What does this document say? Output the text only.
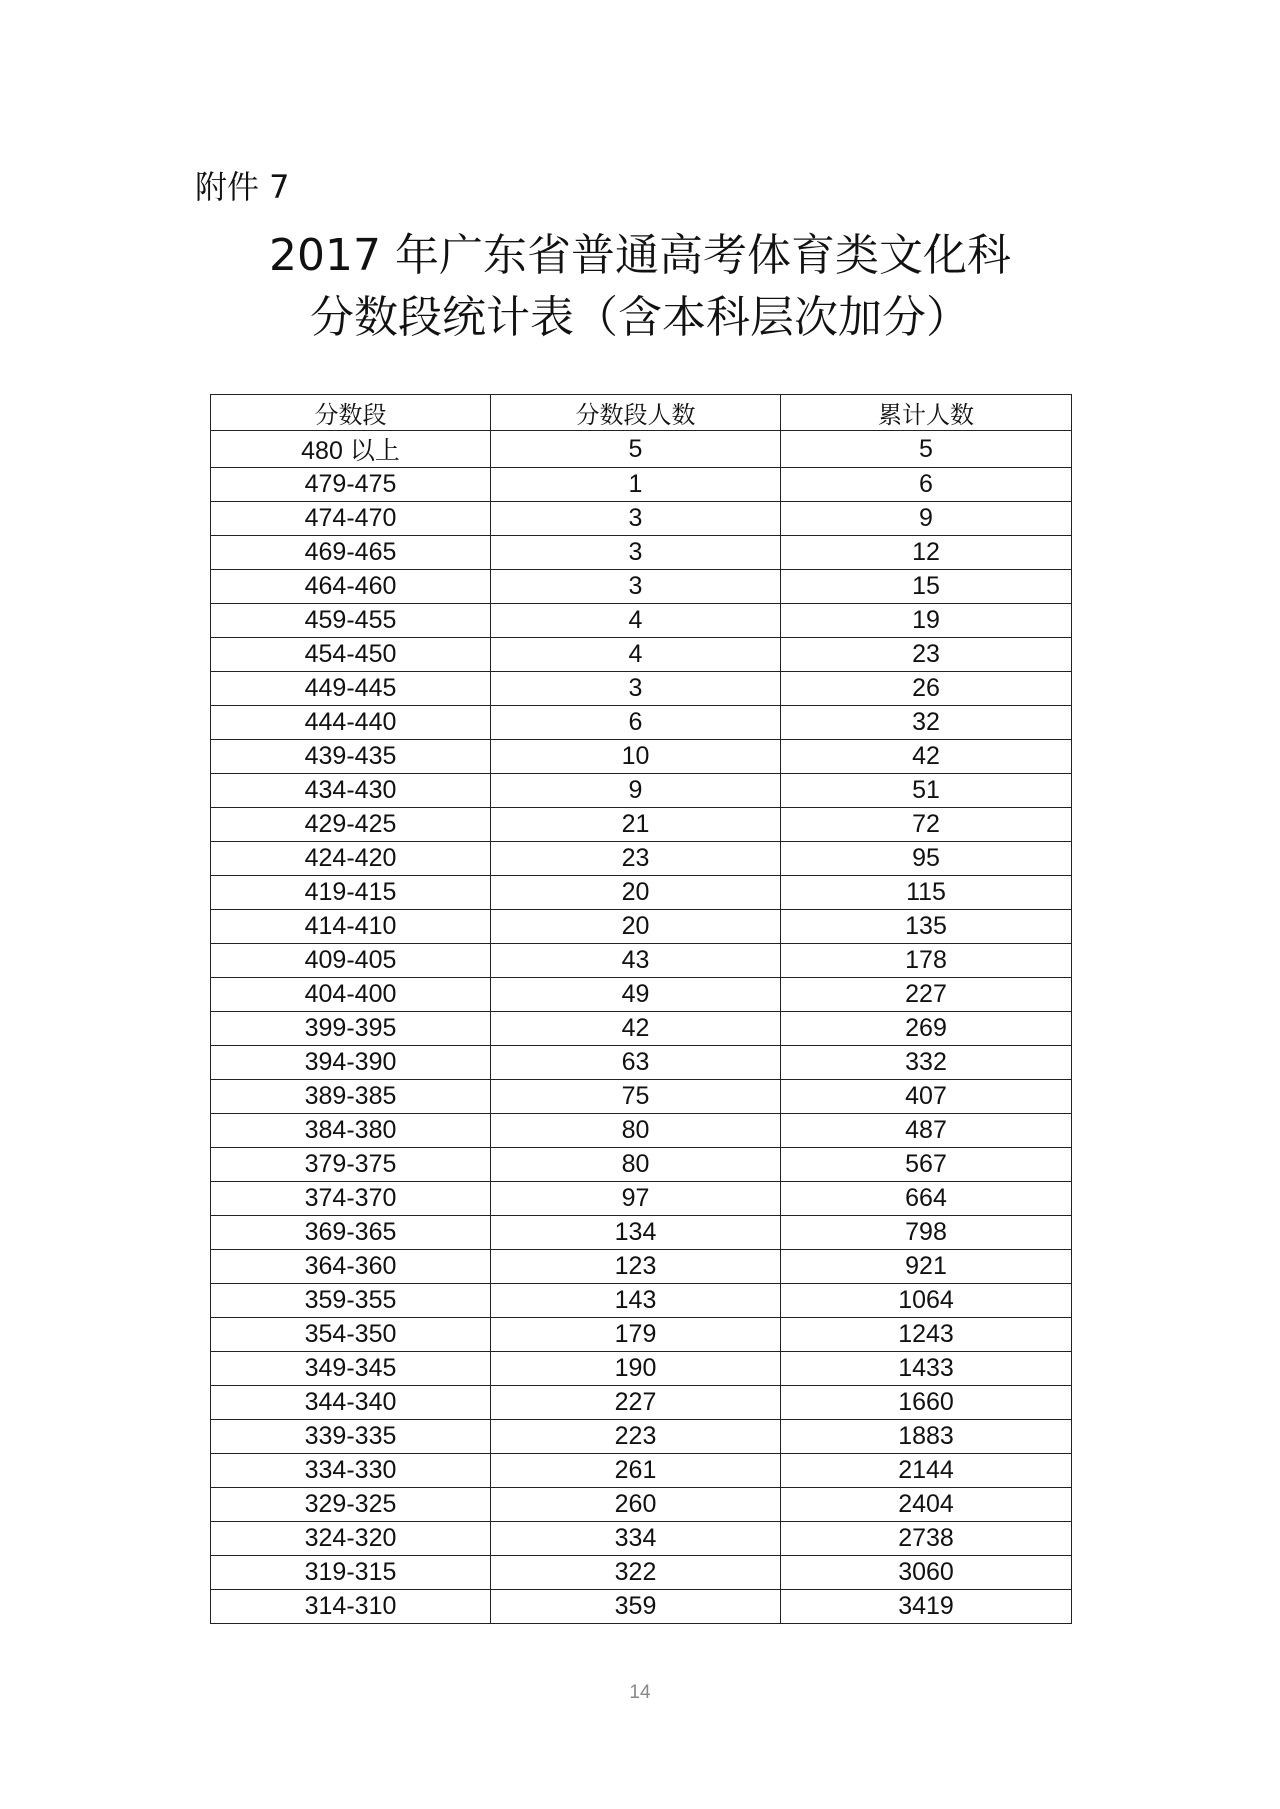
附件 7
2017 年广东省普通高考体育类文化科
分数段统计表（含本科层次加分）
分数段	分数段人数	累计人数
480 以上	5	5
479-475	1	6
474-470	3	9
469-465	3	12
464-460	3	15
459-455	4	19
454-450	4	23
449-445	3	26
444-440	6	32
439-435	10	42
434-430	9	51
429-425	21	72
424-420	23	95
419-415	20	115
414-410	20	135
409-405	43	178
404-400	49	227
399-395	42	269
394-390	63	332
389-385	75	407
384-380	80	487
379-375	80	567
374-370	97	664
369-365	134	798
364-360	123	921
359-355	143	1064
354-350	179	1243
349-345	190	1433
344-340	227	1660
339-335	223	1883
334-330	261	2144
329-325	260	2404
324-320	334	2738
319-315	322	3060
314-310	359	3419
14
